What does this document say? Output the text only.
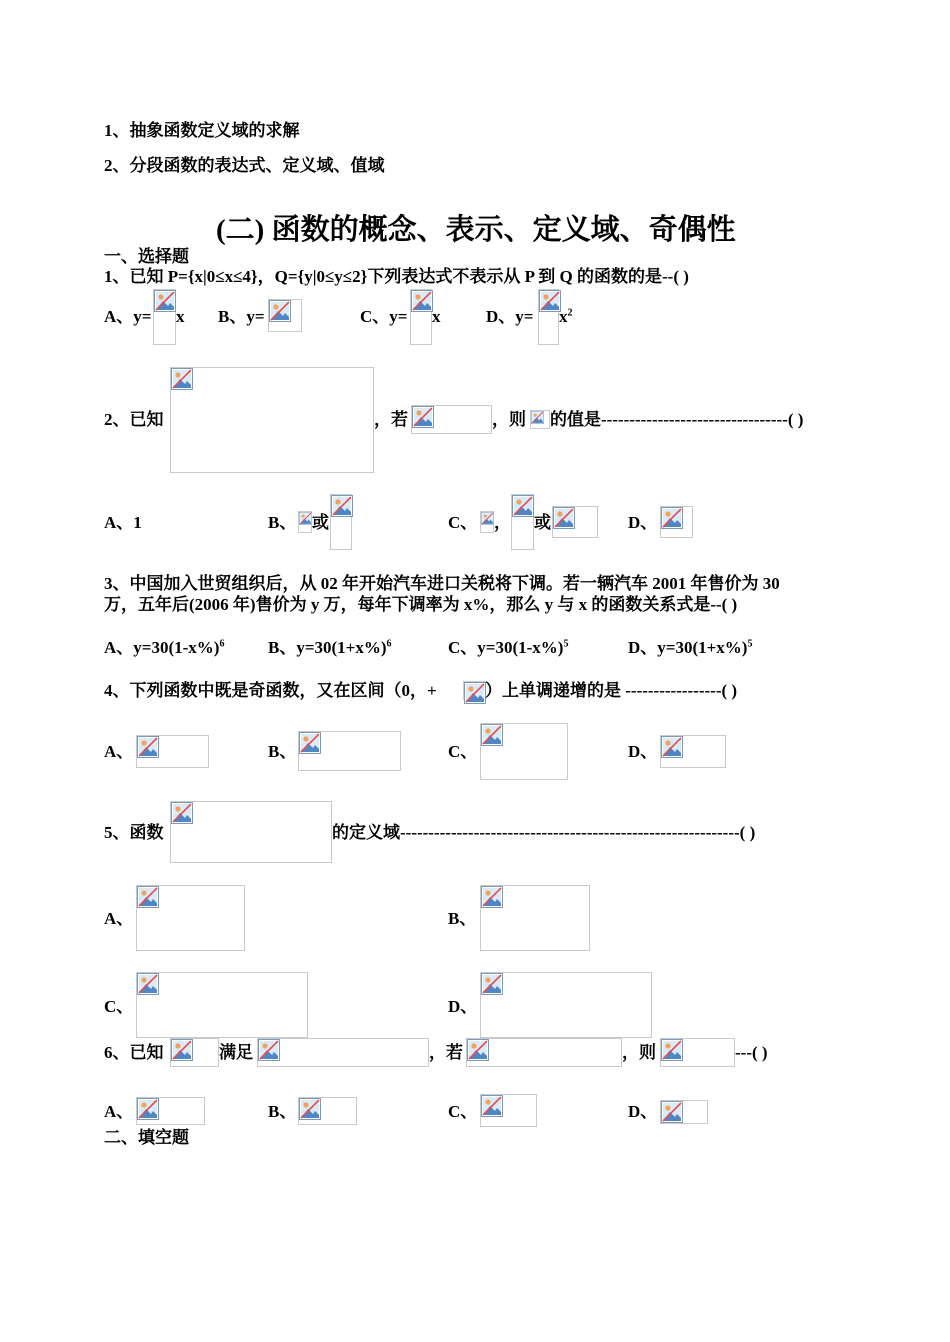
1、抽象函数定义域的求解
2、分段函数的表达式、定义域、值域
(二) 函数的概念、表示、定义域、奇偶性
一、选择题
1、已知 P={x|0≤x≤4}，Q={y|0≤y≤2}下列表达式不表示从 P 到 Q 的函数的是--( )
A、y= x B、y=	C、y= x	D、$y= x^2$
2、已知	，若	，则 的值是---------------------------------( )
A、1	B、 或	C、 ， 或	D、
3、中国加入世贸组织后，从 02 年开始汽车进口关税将下调。若一辆汽车 2001 年售价为 30
万，五年后(2006 年)售价为 y 万，每年下调率为 x%，那么 y 与 x 的函数关系式是--( )
A、$y=30(1-x\%)^6$	B、$y=30(1+x\%)^6$	C、$y=30(1-x\%)^5$	D、$y=30(1+x\%)^5$
4、下列函数中既是奇函数，又在区间（0，+	）上单调递增的是 -----------------( )
A、	B、	C、	D、
5、函数	的定义域------------------------------------------------------------( )
A、	B、
C、	D、
6、已知	满足	，若	，则	---( )
A、	B、	C、	D、
二、填空题
